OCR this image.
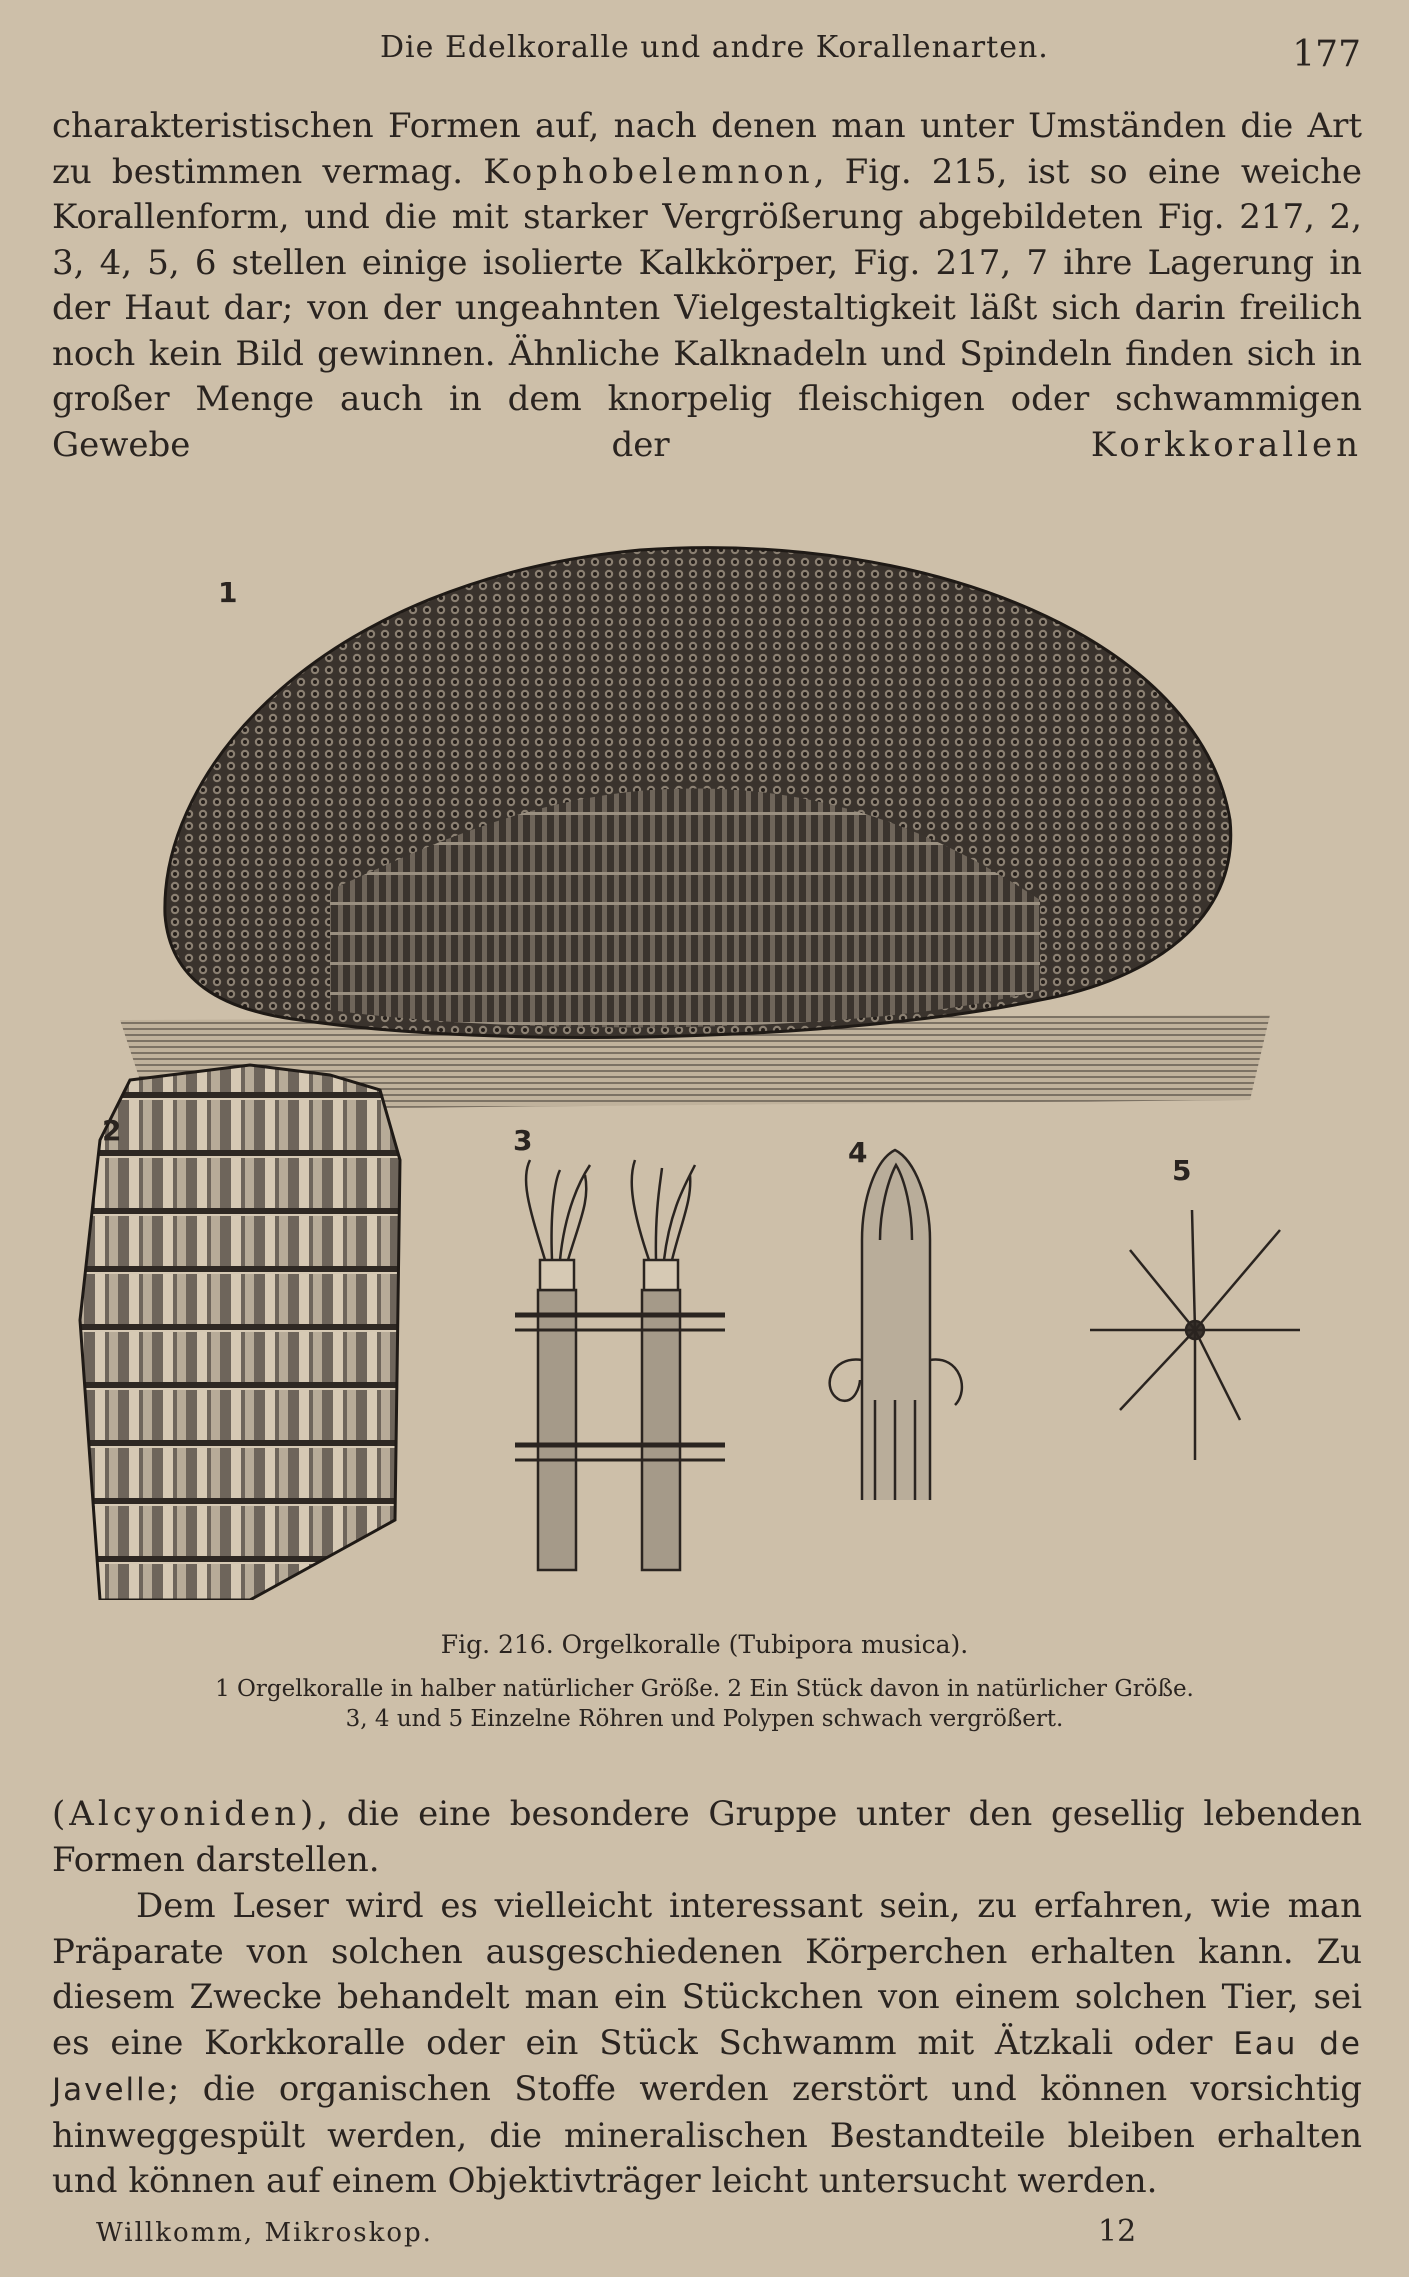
Die Edelkoralle und andre Korallenarten.	177

charakteristischen Formen auf, nach denen man unter Umständen die Art zu bestimmen vermag. Kophobelemnon, Fig. 215, ist so eine weiche Korallenform, und die mit starker Vergrößerung abgebildeten Fig. 217, 2, 3, 4, 5, 6 stellen einige isolierte Kalkkörper, Fig. 217, 7 ihre Lagerung in der Haut dar; von der ungeahnten Vielgestaltigkeit läßt sich darin freilich noch kein Bild gewinnen. Ähnliche Kalknadeln und Spindeln finden sich in großer Menge auch in dem knorpelig fleischigen oder schwammigen Gewebe der	Korkkorallen

1
2	3	4
5
Fig. 216. Orgelkoralle (Tubipora musica).
1 Orgelkoralle in halber natürlicher Größe. 2 Ein Stück davon in natürlicher Größe.
3, 4 und 5 Einzelne Röhren und Polypen schwach vergrößert.

(Alcyoniden), die eine besondere Gruppe unter den gesellig lebenden Formen darstellen.

Dem Leser wird es vielleicht interessant sein, zu erfahren, wie man Präparate von solchen ausgeschiedenen Körperchen erhalten kann. Zu diesem Zwecke behandelt man ein Stückchen von einem solchen Tier, sei es eine Korkkoralle oder ein Stück Schwamm mit Ätzkali oder Eau de Javelle; die organischen Stoffe werden zerstört und können vorsichtig hinweggespült werden, die mineralischen Bestandteile bleiben erhalten und können auf einem Objektivträger leicht untersucht werden.

Willkomm, Mikroskop.	12
